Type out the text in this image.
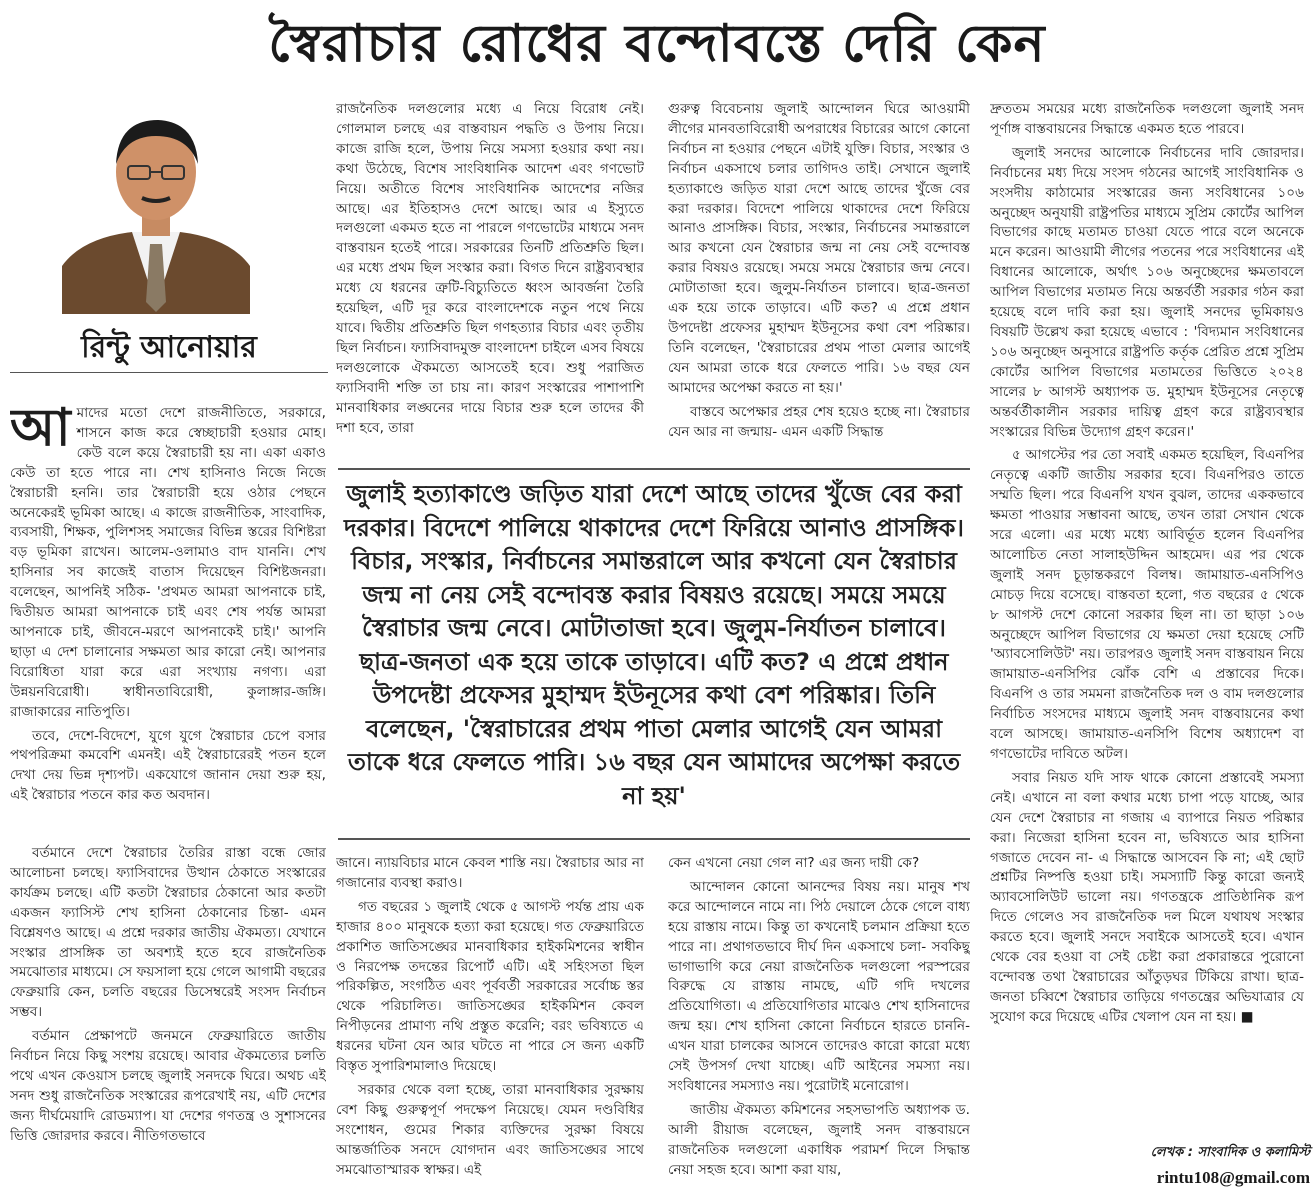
স্বৈরাচার রোধের বন্দোবস্তে দেরি কেন
রিন্টু আনোয়ার

আমাদের মতো দেশে রাজনীতিতে, সরকারে, শাসনে কাজ করে স্বেচ্ছাচারী হওয়ার মোহ। কেউ বলে কয়ে স্বৈরাচারী হয় না। একা একাও কেউ তা হতে পারে না। শেখ হাসিনাও নিজে নিজে স্বৈরাচারী হননি। তার স্বৈরাচারী হয়ে ওঠার পেছনে অনেকেরই ভূমিকা আছে। এ কাজে রাজনীতিক, সাংবাদিক, ব্যবসায়ী, শিক্ষক, পুলিশসহ সমাজের বিভিন্ন স্তরের বিশিষ্টরা বড় ভূমিকা রাখেন। আলেম-ওলামাও বাদ যাননি। শেখ হাসিনার সব কাজেই বাতাস দিয়েছেন বিশিষ্টজনরা। বলেছেন, আপনিই সঠিক- 'প্রথমত আমরা আপনাকে চাই, দ্বিতীয়ত আমরা আপনাকে চাই এবং শেষ পর্যন্ত আমরা আপনাকে চাই, জীবনে-মরণে আপনাকেই চাই।' আপনি ছাড়া এ দেশ চালানোর সক্ষমতা আর কারো নেই। আপনার বিরোধিতা যারা করে এরা সংখ্যায় নগণ্য। এরা উন্নয়নবিরোধী। স্বাধীনতাবিরোধী, কুলাঙ্গার-জঙ্গি। রাজাকারের নাতিপুতি।

তবে, দেশে-বিদেশে, যুগে যুগে স্বৈরাচার চেপে বসার পথপরিক্রমা কমবেশি এমনই। এই স্বৈরাচারেরই পতন হলে দেখা দেয় ভিন্ন দৃশ্যপট। একযোগে জানান দেয়া শুরু হয়, এই স্বৈরাচার পতনে কার কত অবদান।

বর্তমানে দেশে স্বৈরাচার তৈরির রাস্তা বন্ধে জোর আলোচনা চলছে। ফ্যাসিবাদের উত্থান ঠেকাতে সংস্কারের কার্যক্রম চলছে। এটি কতটা স্বৈরাচার ঠেকানো আর কতটা একজন ফ্যাসিস্ট শেখ হাসিনা ঠেকানোর চিন্তা- এমন বিশ্লেষণও আছে। এ প্রশ্নে দরকার জাতীয় ঐকমত্য। যেখানে সংস্কার প্রাসঙ্গিক তা অবশ্যই হতে হবে রাজনৈতিক সমঝোতার মাধ্যমে। সে ফয়সালা হয়ে গেলে আগামী বছরের ফেব্রুয়ারি কেন, চলতি বছরের ডিসেম্বরেই সংসদ নির্বাচন সম্ভব।

বর্তমান প্রেক্ষাপটে জনমনে ফেব্রুয়ারিতে জাতীয় নির্বাচন নিয়ে কিছু সংশয় রয়েছে। আবার ঐকমত্যের চলতি পথে এখন কেওয়াস চলছে জুলাই সনদকে ঘিরে। অথচ এই সনদ শুধু রাজনৈতিক সংস্কারের রূপরেখাই নয়, এটি দেশের জন্য দীর্ঘমেয়াদি রোডম্যাপ। যা দেশের গণতন্ত্র ও সুশাসনের ভিত্তি জোরদার করবে। নীতিগতভাবে

রাজনৈতিক দলগুলোর মধ্যে এ নিয়ে বিরোধ নেই। গোলমাল চলছে এর বাস্তবায়ন পদ্ধতি ও উপায় নিয়ে। কাজে রাজি হলে, উপায় নিয়ে সমস্যা হওয়ার কথা নয়। কথা উঠেছে, বিশেষ সাংবিধানিক আদেশ এবং গণভোট নিয়ে। অতীতে বিশেষ সাংবিধানিক আদেশের নজির আছে। এর ইতিহাসও দেশে আছে। আর এ ইস্যুতে দলগুলো একমত হতে না পারলে গণভোটের মাধ্যমে সনদ বাস্তবায়ন হতেই পারে। সরকারের তিনটি প্রতিশ্রুতি ছিল। এর মধ্যে প্রথম ছিল সংস্কার করা। বিগত দিনে রাষ্ট্রব্যবস্থার মধ্যে যে ধরনের ত্রুটি-বিচ্যুতিতে ধ্বংস আবর্জনা তৈরি হয়েছিল, এটি দূর করে বাংলাদেশকে নতুন পথে নিয়ে যাবে। দ্বিতীয় প্রতিশ্রুতি ছিল গণহত্যার বিচার এবং তৃতীয় ছিল নির্বাচন। ফ্যাসিবাদমুক্ত বাংলাদেশ চাইলে এসব বিষয়ে দলগুলোকে ঐকমত্যে আসতেই হবে। শুধু পরাজিত ফ্যাসিবাদী শক্তি তা চায় না। কারণ সংস্কারের পাশাপাশি মানবাধিকার লঙ্ঘনের দায়ে বিচার শুরু হলে তাদের কী দশা হবে, তারা

জানে। ন্যায়বিচার মানে কেবল শাস্তি নয়। স্বৈরাচার আর না গজানোর ব্যবস্থা করাও।

গত বছরের ১ জুলাই থেকে ৫ আগস্ট পর্যন্ত প্রায় এক হাজার ৪০০ মানুষকে হত্যা করা হয়েছে। গত ফেব্রুয়ারিতে প্রকাশিত জাতিসঙ্ঘের মানবাধিকার হাইকমিশনের স্বাধীন ও নিরপেক্ষ তদন্তের রিপোর্ট এটি। এই সহিংসতা ছিল পরিকল্পিত, সংগঠিত এবং পূর্ববর্তী সরকারের সর্বোচ্চ স্তর থেকে পরিচালিত। জাতিসঙ্ঘের হাইকমিশন কেবল নিপীড়নের প্রামাণ্য নথি প্রস্তুত করেনি; বরং ভবিষ্যতে এ ধরনের ঘটনা যেন আর ঘটতে না পারে সে জন্য একটি বিস্তৃত সুপারিশমালাও দিয়েছে।

সরকার থেকে বলা হচ্ছে, তারা মানবাধিকার সুরক্ষায় বেশ কিছু গুরুত্বপূর্ণ পদক্ষেপ নিয়েছে। যেমন দণ্ডবিধির সংশোধন, গুমের শিকার ব্যক্তিদের সুরক্ষা বিষয়ে আন্তর্জাতিক সনদে যোগদান এবং জাতিসঙ্ঘের সাথে সমঝোতাস্মারক স্বাক্ষর। এই

গুরুত্ব বিবেচনায় জুলাই আন্দোলন ঘিরে আওয়ামী লীগের মানবতাবিরোধী অপরাধের বিচারের আগে কোনো নির্বাচন না হওয়ার পেছনে এটাই যুক্তি। বিচার, সংস্কার ও নির্বাচন একসাথে চলার তাগিদও তাই। সেখানে জুলাই হত্যাকাণ্ডে জড়িত যারা দেশে আছে তাদের খুঁজে বের করা দরকার। বিদেশে পালিয়ে থাকাদের দেশে ফিরিয়ে আনাও প্রাসঙ্গিক। বিচার, সংস্কার, নির্বাচনের সমান্তরালে আর কখনো যেন স্বৈরাচার জন্ম না নেয় সেই বন্দোবস্ত করার বিষয়ও রয়েছে। সময়ে সময়ে স্বৈরাচার জন্ম নেবে। মোটাতাজা হবে। জুলুম-নির্যাতন চালাবে। ছাত্র-জনতা এক হয়ে তাকে তাড়াবে। এটি কত? এ প্রশ্নে প্রধান উপদেষ্টা প্রফেসর মুহাম্মদ ইউনূসের কথা বেশ পরিষ্কার। তিনি বলেছেন, 'স্বৈরাচারের প্রথম পাতা মেলার আগেই যেন আমরা তাকে ধরে ফেলতে পারি। ১৬ বছর যেন আমাদের অপেক্ষা করতে না হয়।'

বাস্তবে অপেক্ষার প্রহর শেষ হয়েও হচ্ছে না। স্বৈরাচার যেন আর না জন্মায়- এমন একটি সিদ্ধান্ত

কেন এখনো নেয়া গেল না? এর জন্য দায়ী কে?

আন্দোলন কোনো আনন্দের বিষয় নয়। মানুষ শখ করে আন্দোলনে নামে না। পিঠ দেয়ালে ঠেকে গেলে বাধ্য হয়ে রাস্তায় নামে। কিন্তু তা কখনোই চলমান প্রক্রিয়া হতে পারে না। প্রথাগতভাবে দীর্ঘ দিন একসাথে চলা- সবকিছু ভাগাভাগি করে নেয়া রাজনৈতিক দলগুলো পরস্পরের বিরুদ্ধে যে রাস্তায় নামছে, এটি গদি দখলের প্রতিযোগিতা। এ প্রতিযোগিতার মাঝেও শেখ হাসিনাদের জন্ম হয়। শেখ হাসিনা কোনো নির্বাচনে হারতে চাননি- এখন যারা চালকের আসনে তাদেরও কারো কারো মধ্যে সেই উপসর্গ দেখা যাচ্ছে। এটি আইনের সমস্যা নয়। সংবিধানের সমস্যাও নয়। পুরোটাই মনোরোগ।

জাতীয় ঐকমত্য কমিশনের সহসভাপতি অধ্যাপক ড. আলী রীয়াজ বলেছেন, জুলাই সনদ বাস্তবায়নে রাজনৈতিক দলগুলো একাধিক পরামর্শ দিলে সিদ্ধান্ত নেয়া সহজ হবে। আশা করা যায়,

জুলাই হত্যাকাণ্ডে জড়িত যারা দেশে আছে তাদের খুঁজে বের করা দরকার। বিদেশে পালিয়ে থাকাদের দেশে ফিরিয়ে আনাও প্রাসঙ্গিক। বিচার, সংস্কার, নির্বাচনের সমান্তরালে আর কখনো যেন স্বৈরাচার জন্ম না নেয় সেই বন্দোবস্ত করার বিষয়ও রয়েছে। সময়ে সময়ে স্বৈরাচার জন্ম নেবে। মোটাতাজা হবে। জুলুম-নির্যাতন চালাবে। ছাত্র-জনতা এক হয়ে তাকে তাড়াবে। এটি কত? এ প্রশ্নে প্রধান উপদেষ্টা প্রফেসর মুহাম্মদ ইউনূসের কথা বেশ পরিষ্কার। তিনি বলেছেন, 'স্বৈরাচারের প্রথম পাতা মেলার আগেই যেন আমরা তাকে ধরে ফেলতে পারি। ১৬ বছর যেন আমাদের অপেক্ষা করতে না হয়'

দ্রুততম সময়ের মধ্যে রাজনৈতিক দলগুলো জুলাই সনদ পূর্ণাঙ্গ বাস্তবায়নের সিদ্ধান্তে একমত হতে পারবে।

জুলাই সনদের আলোকে নির্বাচনের দাবি জোরদার। নির্বাচনের মধ্য দিয়ে সংসদ গঠনের আগেই সাংবিধানিক ও সংসদীয় কাঠামোর সংস্কারের জন্য সংবিধানের ১০৬ অনুচ্ছেদ অনুযায়ী রাষ্ট্রপতির মাধ্যমে সুপ্রিম কোর্টের আপিল বিভাগের কাছে মতামত চাওয়া যেতে পারে বলে অনেকে মনে করেন। আওয়ামী লীগের পতনের পরে সংবিধানের এই বিধানের আলোকে, অর্থাৎ ১০৬ অনুচ্ছেদের ক্ষমতাবলে আপিল বিভাগের মতামত নিয়ে অন্তর্বর্তী সরকার গঠন করা হয়েছে বলে দাবি করা হয়। জুলাই সনদের ভূমিকায়ও বিষয়টি উল্লেখ করা হয়েছে এভাবে : 'বিদ্যমান সংবিধানের ১০৬ অনুচ্ছেদ অনুসারে রাষ্ট্রপতি কর্তৃক প্রেরিত প্রশ্নে সুপ্রিম কোর্টের আপিল বিভাগের মতামতের ভিত্তিতে ২০২৪ সালের ৮ আগস্ট অধ্যাপক ড. মুহাম্মদ ইউনূসের নেতৃত্বে অন্তর্বর্তীকালীন সরকার দায়িত্ব গ্রহণ করে রাষ্ট্রব্যবস্থার সংস্কারের বিভিন্ন উদ্যোগ গ্রহণ করেন।'

৫ আগস্টের পর তো সবাই একমত হয়েছিল, বিএনপির নেতৃত্বে একটি জাতীয় সরকার হবে। বিএনপিরও তাতে সম্মতি ছিল। পরে বিএনপি যখন বুঝল, তাদের এককভাবে ক্ষমতা পাওয়ার সম্ভাবনা আছে, তখন তারা সেখান থেকে সরে এলো। এর মধ্যে মধ্যে আবির্ভূত হলেন বিএনপির আলোচিত নেতা সালাহউদ্দিন আহমেদ। এর পর থেকে জুলাই সনদ চূড়ান্তকরণে বিলম্ব। জামায়াত-এনসিপিও মোচড় দিয়ে বসেছে। বাস্তবতা হলো, গত বছরের ৫ থেকে ৮ আগস্ট দেশে কোনো সরকার ছিল না। তা ছাড়া ১০৬ অনুচ্ছেদে আপিল বিভাগের যে ক্ষমতা দেয়া হয়েছে সেটি 'অ্যাবসোলিউট' নয়। তারপরও জুলাই সনদ বাস্তবায়ন নিয়ে জামায়াত-এনসিপির ঝোঁক বেশি এ প্রস্তাবের দিকে। বিএনপি ও তার সমমনা রাজনৈতিক দল ও বাম দলগুলোর নির্বাচিত সংসদের মাধ্যমে জুলাই সনদ বাস্তবায়নের কথা বলে আসছে। জামায়াত-এনসিপি বিশেষ অধ্যাদেশ বা গণভোটের দাবিতে অটল।

সবার নিয়ত যদি সাফ থাকে কোনো প্রস্তাবেই সমস্যা নেই। এখানে না বলা কথার মধ্যে চাপা পড়ে যাচ্ছে, আর যেন দেশে স্বৈরাচার না গজায় এ ব্যাপারে নিয়ত পরিষ্কার করা। নিজেরা হাসিনা হবেন না, ভবিষ্যতে আর হাসিনা গজাতে দেবেন না- এ সিদ্ধান্তে আসবেন কি না; এই ছোট প্রশ্নটির নিষ্পত্তি হওয়া চাই। সমস্যাটি কিন্তু কারো জন্যই অ্যাবসোলিউট ভালো নয়। গণতন্ত্রকে প্রাতিষ্ঠানিক রূপ দিতে গেলেও সব রাজনৈতিক দল মিলে যথাযথ সংস্কার করতে হবে। জুলাই সনদে সবাইকে আসতেই হবে। এখান থেকে বের হওয়া বা সেই চেষ্টা করা প্রকারান্তরে পুরোনো বন্দোবস্ত তথা স্বৈরাচারের আঁতুড়ঘর টিকিয়ে রাখা। ছাত্র-জনতা চব্বিশে স্বৈরাচার তাড়িয়ে গণতন্ত্রের অভিযাত্রার যে সুযোগ করে দিয়েছে এটির খেলাপ যেন না হয়। ■

লেখক : সাংবাদিক ও কলামিস্ট
rintu108@gmail.com
